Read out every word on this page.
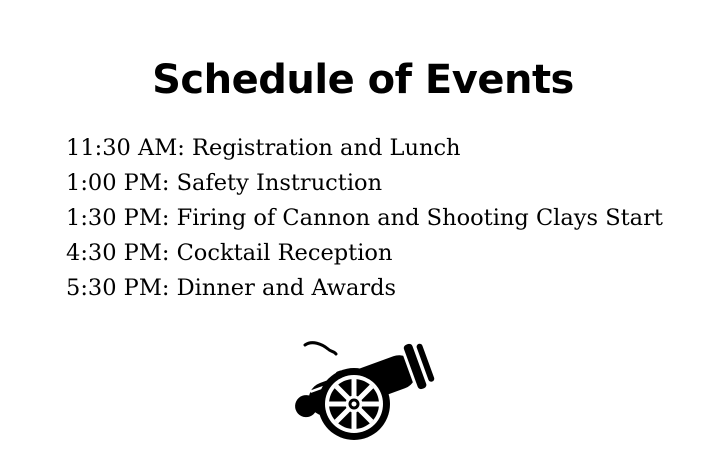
Schedule of Events
11:30 AM: Registration and Lunch
1:00 PM: Safety Instruction
1:30 PM: Firing of Cannon and Shooting Clays Start
4:30 PM: Cocktail Reception
5:30 PM: Dinner and Awards
